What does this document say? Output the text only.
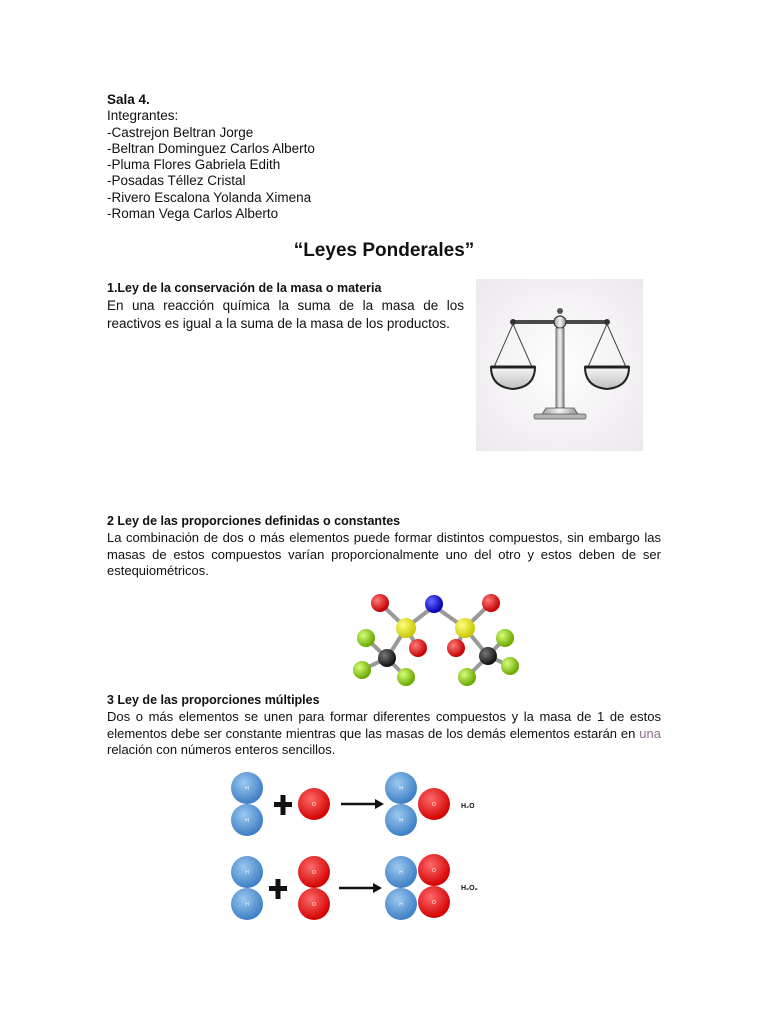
Sala 4.
Integrantes:
-Castrejon Beltran Jorge
-Beltran Dominguez Carlos Alberto
-Pluma Flores Gabriela Edith
-Posadas Téllez Cristal
-Rivero Escalona Yolanda Ximena
-Roman Vega Carlos Alberto
“Leyes Ponderales”
1.Ley de la conservación de la masa o materia
En una reacción química la suma de la masa de los reactivos es igual a la suma de la masa de los productos.
2 Ley de las proporciones definidas o constantes
La combinación de dos o más elementos puede formar distintos compuestos, sin embargo las masas de estos compuestos varían proporcionalmente uno del otro y estos deben de ser estequiométricos.
3 Ley de las proporciones múltiples
Dos o más elementos se unen para formar diferentes compuestos y la masa de 1 de estos elementos debe ser constante mientras que las masas de los demás elementos estarán en una relación con números enteros sencillos.
H
H
O
H
H
O	H₂O
H
H
O
O
H
H
O
O
H₂O₂
